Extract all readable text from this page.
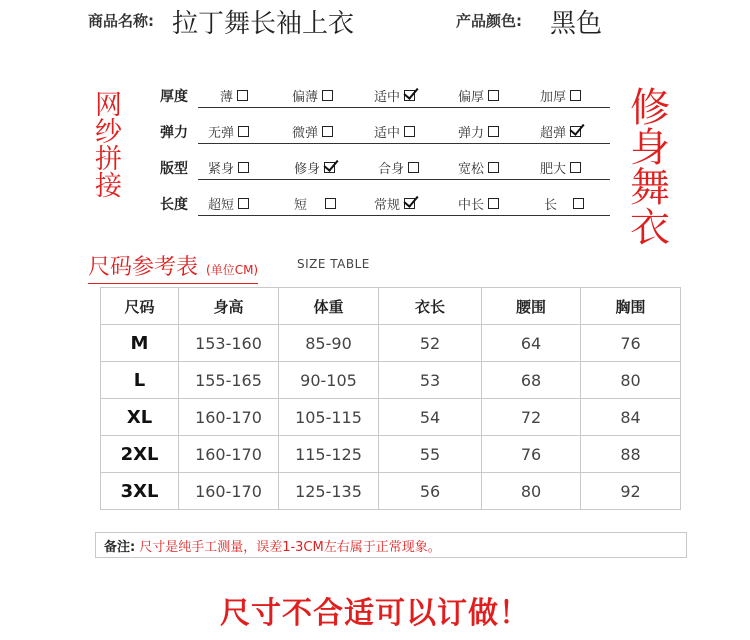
商品名称: 拉丁舞长袖上衣	产品颜色: 黑色
网
纱
拼
接
修
身
舞
衣
厚度 薄	偏薄	适中	偏厚	加厚
弹力 无弹	微弹	适中	弹力	超弹
版型 紧身	修身	合身	宽松	肥大
长度 超短	短	常规	中长	长
尺码参考表 (单位CM)	SIZE TABLE
尺码	身高	体重	衣长	腰围	胸围
M	153-160	85-90	52	64	76
L	155-165	90-105	53	68	80
XL	160-170	105-115	54	72	84
2XL	160-170	115-125	55	76	88
3XL	160-170	125-135	56	80	92
备注: 尺寸是纯手工测量，误差1-3CM左右属于正常现象。
尺寸不合适可以订做！
